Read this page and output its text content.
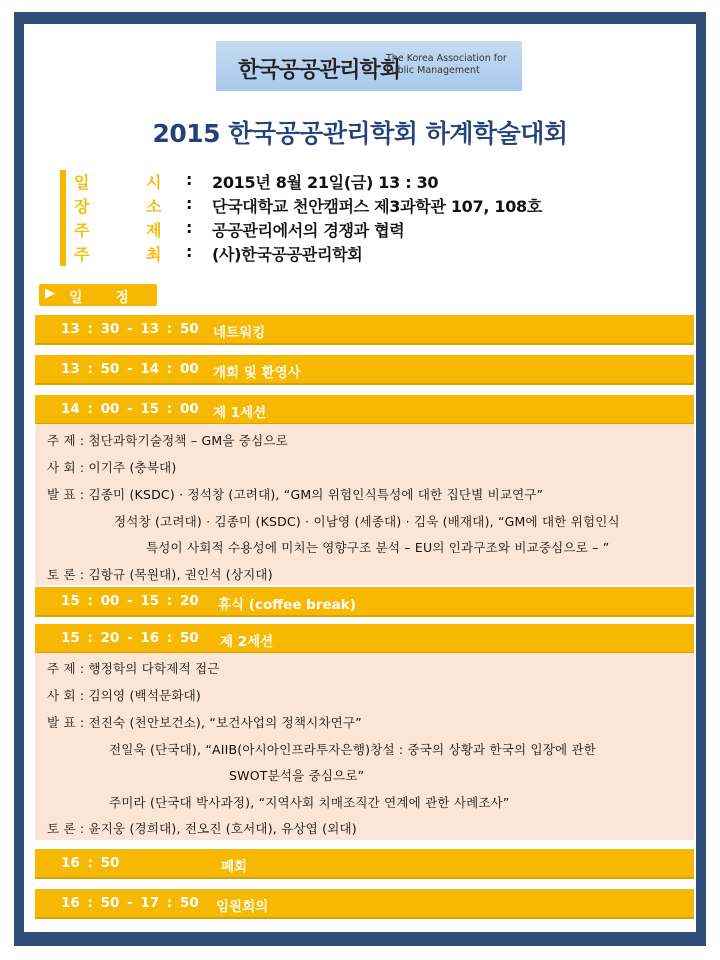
한국공공관리학회
The Korea Association for
Public Management
2015 한국공공관리학회 하계학술대회
일	시	: 2015년 8월 21일(금) 13 : 30
장	소	: 단국대학교 천안캠퍼스 제3과학관 107, 108호
주	제	: 공공관리에서의 경쟁과 협력
주	최	: (사)한국공공관리학회
▶ 일 정
13 : 30 - 13 : 50 네트워킹
13 : 50 - 14 : 00 개회 및 환영사
14 : 00 - 15 : 00 제 1세션
주 제 : 첨단과학기술정책 – GM을 중심으로
사 회 : 이기주 (충북대)
발 표 : 김종미 (KSDC) · 정석창 (고려대), “GM의 위험인식특성에 대한 집단별 비교연구”
정석창 (고려대) · 김종미 (KSDC) · 이남영 (세종대) · 김욱 (배재대), “GM에 대한 위험인식
특성이 사회적 수용성에 미치는 영향구조 분석 – EU의 인과구조와 비교중심으로 – ”
토 론 : 김항규 (목원대), 권인석 (상지대)
15 : 00 - 15 : 20 휴식 (coffee break)
15 : 20 - 16 : 50 제 2세션
주 제 : 행정학의 다학제적 접근
사 회 : 김의영 (백석문화대)
발 표 : 전진숙 (천안보건소), “보건사업의 정책시차연구”
전일욱 (단국대), “AIIB(아시아인프라투자은행)창설 : 중국의 상황과 한국의 입장에 관한
SWOT분석을 중심으로”
주미라 (단국대 박사과정), “지역사회 치매조직간 연계에 관한 사례조사”
토 론 : 윤지웅 (경희대), 전오진 (호서대), 유상엽 (외대)
16 : 50	폐회
16 : 50 - 17 : 50 임원회의
